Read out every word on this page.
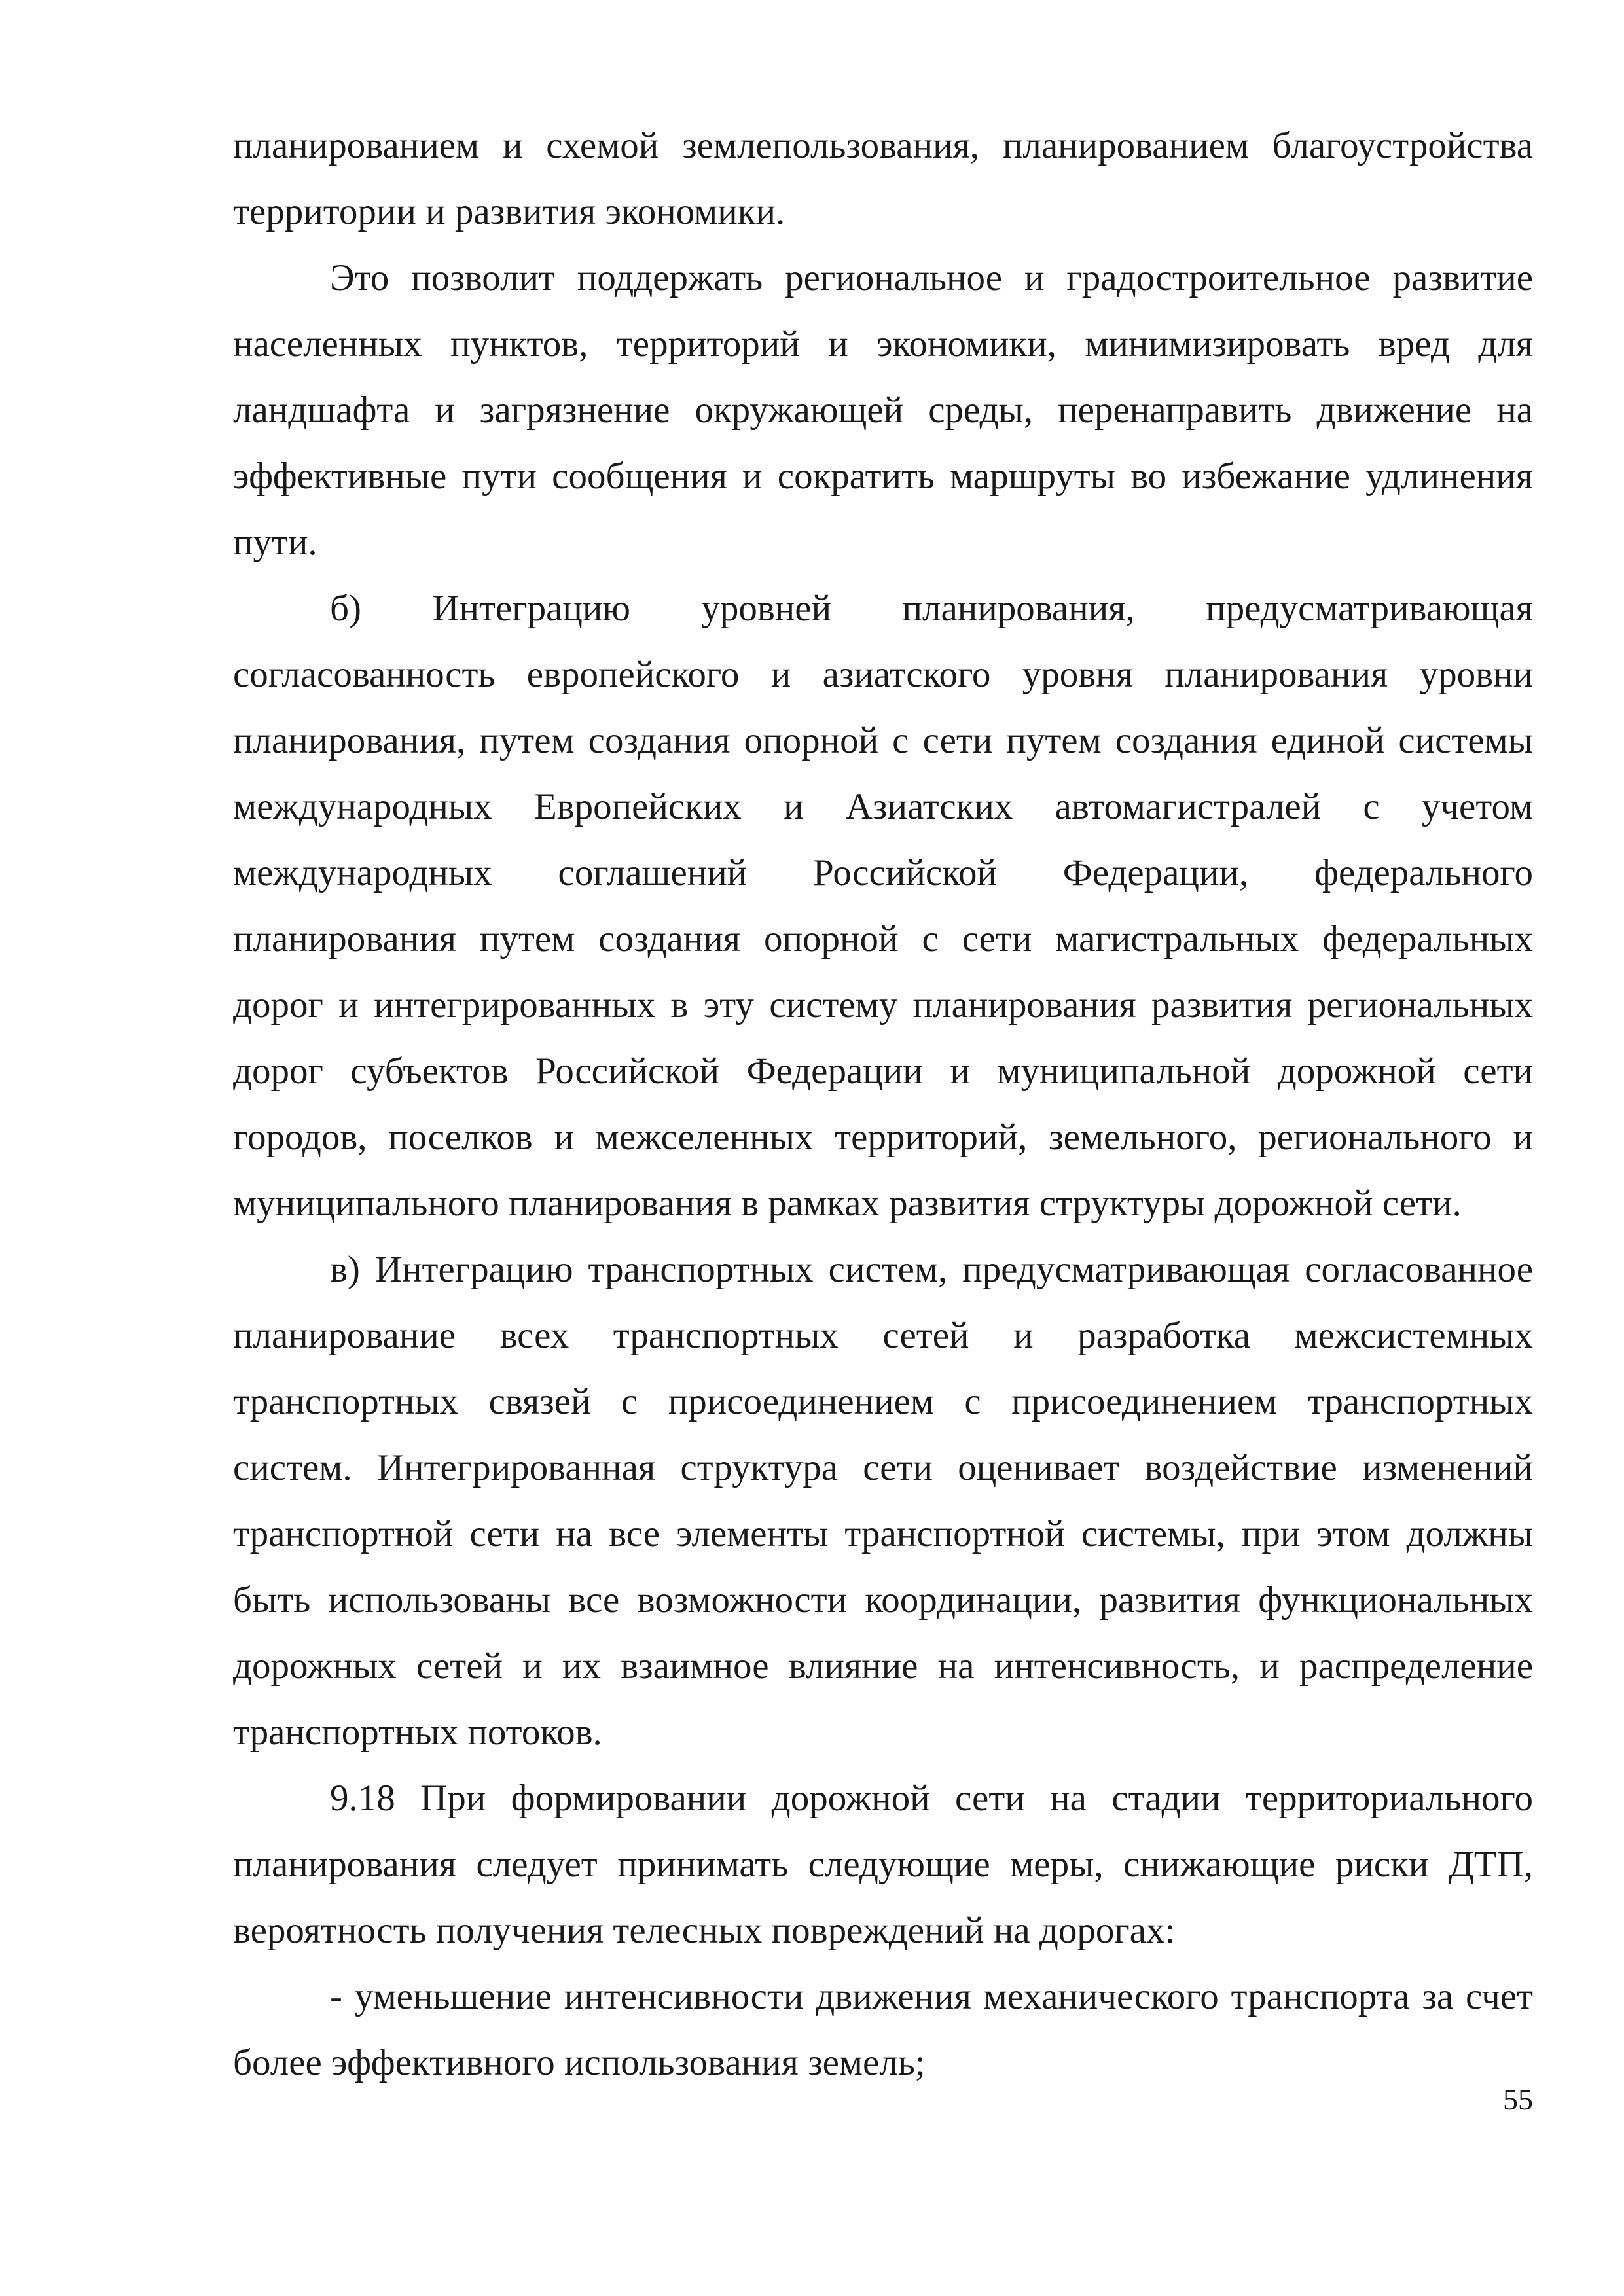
планированием и схемой землепользования, планированием благоустройства территории и развития экономики.

Это позволит поддержать региональное и градостроительное развитие населенных пунктов, территорий и экономики, минимизировать вред для ландшафта и загрязнение окружающей среды, перенаправить движение на эффективные пути сообщения и сократить маршруты во избежание удлинения пути.

б) Интеграцию уровней планирования, предусматривающая согласованность европейского и азиатского уровня планирования уровни планирования, путем создания опорной с сети путем создания единой системы международных Европейских и Азиатских автомагистралей с учетом международных соглашений Российской Федерации, федерального планирования путем создания опорной с сети магистральных федеральных дорог и интегрированных в эту систему планирования развития региональных дорог субъектов Российской Федерации и муниципальной дорожной сети городов, поселков и межселенных территорий, земельного, регионального и муниципального планирования в рамках развития структуры дорожной сети.

в) Интеграцию транспортных систем, предусматривающая согласованное планирование всех транспортных сетей и разработка межсистемных транспортных связей с присоединением с присоединением транспортных систем. Интегрированная структура сети оценивает воздействие изменений транспортной сети на все элементы транспортной системы, при этом должны быть использованы все возможности координации, развития функциональных дорожных сетей и их взаимное влияние на интенсивность, и распределение транспортных потоков.

9.18 При формировании дорожной сети на стадии территориального планирования следует принимать следующие меры, снижающие риски ДТП, вероятность получения телесных повреждений на дорогах:

- уменьшение интенсивности движения механического транспорта за счет более эффективного использования земель;

55
